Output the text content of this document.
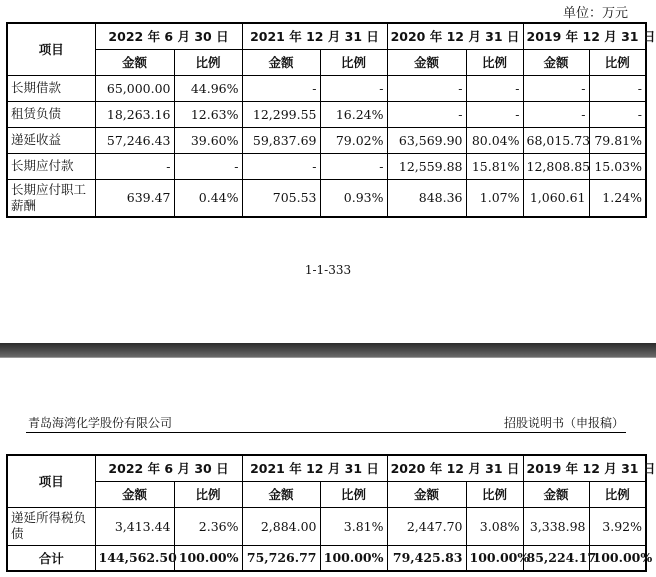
单位：万元
项目	2022 年 6 月 30 日		2021 年 12 月 31 日		2020 年 12 月 31 日		2019 年 12 月 31 日	
	金额	比例	金额	比例	金额	比例	金额	比例
长期借款	65,000.00	44.96%	-	-	-	-	-	-
租赁负债	18,263.16	12.63%	12,299.55	16.24%	-	-	-	-
递延收益	57,246.43	39.60%	59,837.69	79.02%	63,569.90	80.04%	68,015.73	79.81%
长期应付款	-	-	-	-	12,559.88	15.81%	12,808.85	15.03%
长期应付职工薪酬	639.47	0.44%	705.53	0.93%	848.36	1.07%	1,060.61	1.24%
1-1-333
青岛海湾化学股份有限公司	招股说明书（申报稿）
项目	2022 年 6 月 30 日		2021 年 12 月 31 日		2020 年 12 月 31 日		2019 年 12 月 31 日	
	金额	比例	金额	比例	金额	比例	金额	比例
递延所得税负债	3,413.44	2.36%	2,884.00	3.81%	2,447.70	3.08%	3,338.98	3.92%
合计	144,562.50	100.00%	75,726.77	100.00%	79,425.83	100.00%	85,224.17	100.00%
